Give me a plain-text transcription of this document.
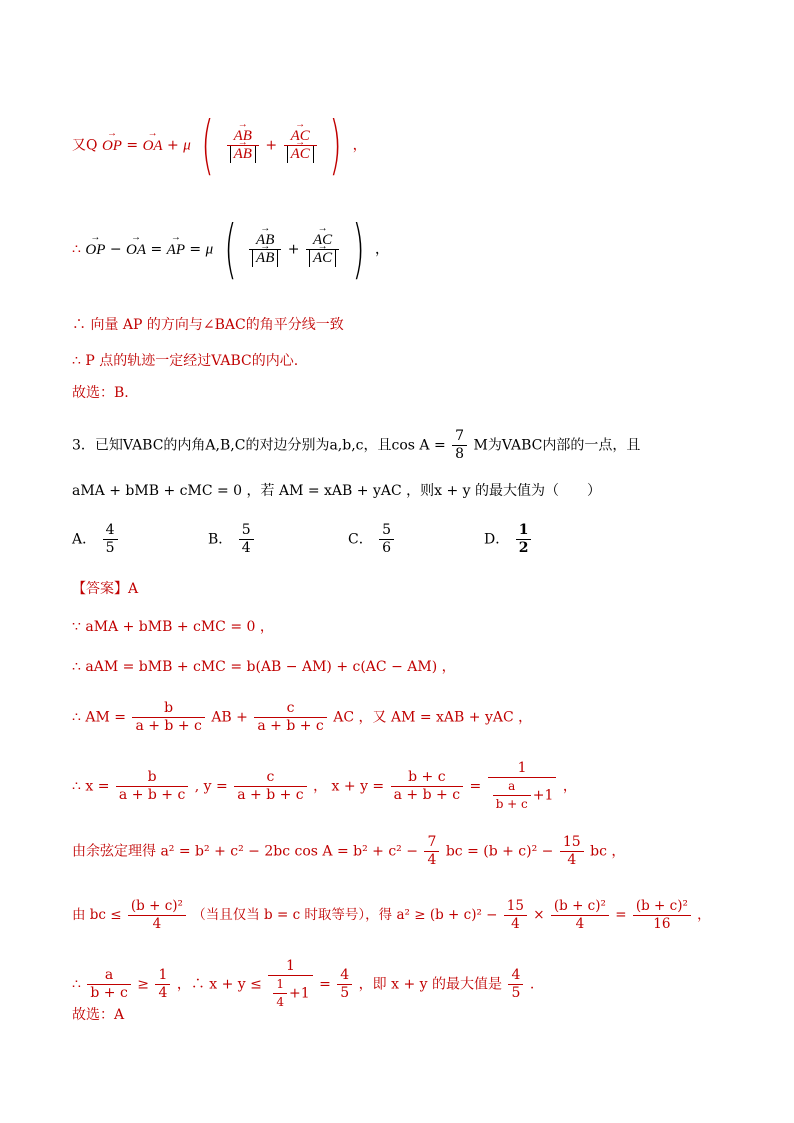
又Q → OP = → OA + μ ( → AB
→ AB + → AC
→ AC ) ，
∴ → OP − → OA = → AP = μ ( → AB
→ AB + → AC
→ AC ) ，
∴ 向量 AP 的方向与∠BAC的角平分线一致
∴ P 点的轨迹一定经过VABC的内心.
故选：B.
3．已知VABC的内角A,B,C的对边分别为a,b,c，且$\cos A = \frac{7}{8}$ M为VABC内部的一点，且
aMA + bMB + cMC = 0 ，若 AM = xAB + yAC ，则x + y 的最大值为（　　）
A． $\frac{4}{5}$	B． $\frac{5}{4}$	C． $\frac{5}{6}$	D． $\frac{1}{2}$
【答案】A
∵ aMA + bMB + cMC = 0 ，
∴ aAM = bMB + cMC = b(AB − AM) + c(AC − AM) ，
∴ AM = $\frac{b}{a + b + c}$ AB + $\frac{c}{a + b + c}$ AC ，又 AM = xAB + yAC ，
∴ $x = \frac{b}{a + b + c}$ , $y = \frac{c}{a + b + c}$ ， $x + y = \frac{b + c}{a + b + c} = \frac{1}{\frac{a}{b + c} +1}$ ，
由余弦定理得 a² = b² + c² − 2bc $\cos A = b^2 + c^2 - \frac{7}{4}$ bc = $(b + c)^2 - \frac{15}{4}$ bc ，
由 bc ≤ $\frac{\text{(b + c)²}}{4}$ （当且仅当 b = c 时取等号），得 $a^2 \ge (b + c)^2 - \frac{15}{4} \times \frac{\text{(b + c)²}}{4} = \frac{\text{(b + c)²}}{16}$ ，
∴ $\frac{a}{b + c} \ge \frac{1}{4}$ ，∴ $x + y \le \frac{1}{\frac{1}{4} +1} = \frac{4}{5}$ ，即 x + y 的最大值是 $\frac{4}{5}$ .
故选：A
